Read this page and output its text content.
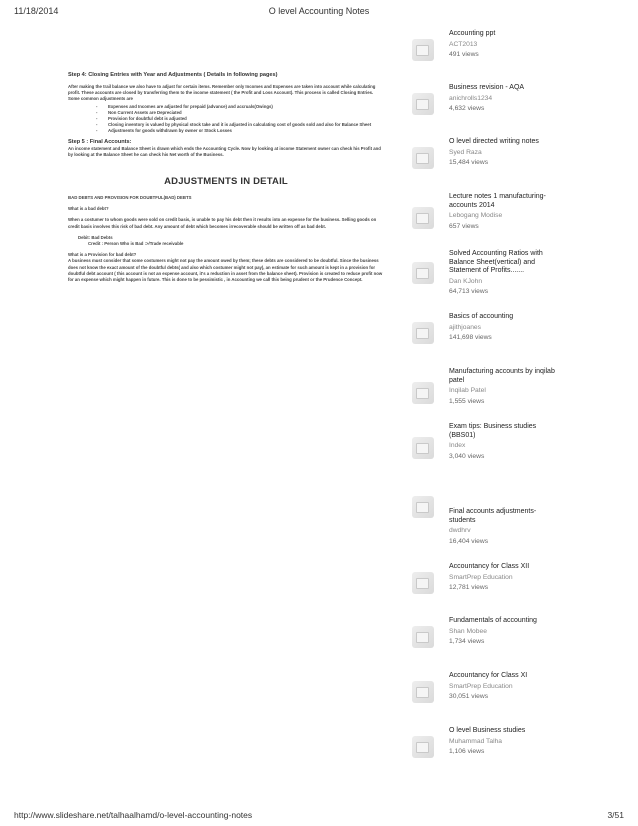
11/18/2014	O level Accounting Notes

Step 4: Closing Entries with Year and Adjustments ( Details in following pages)

After making the trail balance we also have to adjust for certain items. Remember only Incomes and Expenses are taken into account while calculating profit. These accounts are closed by transferring them to the income statement ( the Profit and Loss Account). This process is called Closing Entries. Some common adjustments are

- Expenses and Incomes are adjusted for prepaid (advance) and accruals(Owings)
- Non Current Assets are Depreciated
- Provision for doubtful debt is adjusted
- Closing inventory is valued by physical stock take and it is adjusted in calculating cost of goods sold and also for Balance Sheet
- Adjustments for goods withdrawn by owner or Stock Losses

Step 5 : Final Accounts:

An income statement and Balance Sheet is drawn which ends the Accounting Cycle. Now by looking at income Statement owner can check his Profit and by looking at the Balance Sheet he can check his Net worth of the Business.

ADJUSTMENTS IN DETAIL

BAD DEBTS AND PROVISION FOR DOUBTFUL(BAD) DEBTS

What is a bad debt?

When a costumer to whom goods were sold on credit basis, is unable to pay his debt then it results into an expense for the business. Selling goods on credit basis involves this risk of bad debt. Any amount of debt which becomes irrecoverable should be written off as bad debt.

Debit: Bad Debts

Credit : Person Who is Bad :>/Trade receivable

What is a Provision for bad debt?

A business must consider that some costumers might not pay the amount owed by them; these debts are considered to be doubtful. Since the business does not know the exact amount of the doubtful debts( and also which costumer might not pay), an estimate for such amount is kept in a provision for doubtful debt account ( this account is not an expense account, it's a reduction in asset from the balance sheet). Provision is created to reduce profit now for an expense which might happen in future. This is done to be pessimistic , in Accounting we call this being prudent or the Prudence Concept.

Accounting ppt
ACT2013
491 views
Business revision - AQA
anichrolls1234
4,632 views
O level directed writing notes
Syed Raza
15,484 views
Lecture notes 1 manufacturing-accounts 2014
Lebogang Modise
657 views
Solved Accounting Ratios with Balance Sheet(vertical) and Statement of Profits.......
Dan KJohn
64,713 views
Basics of accounting
ajithjoanes
141,698 views
Manufacturing accounts by inqilab patel
Inqilab Patel
1,555 views
Exam tips: Business studies (BBS01)
Index
3,040 views
Final accounts adjustments-students
dwdhrv
16,404 views
Accountancy for Class XII
SmartPrep Education
12,781 views
Fundamentals of accounting
Shan Mobee
1,734 views
Accountancy for Class XI
SmartPrep Education
30,051 views
O level Business studies
Muhammad Talha
1,106 views
http://www.slideshare.net/talhaalhamd/o-level-accounting-notes	3/51
